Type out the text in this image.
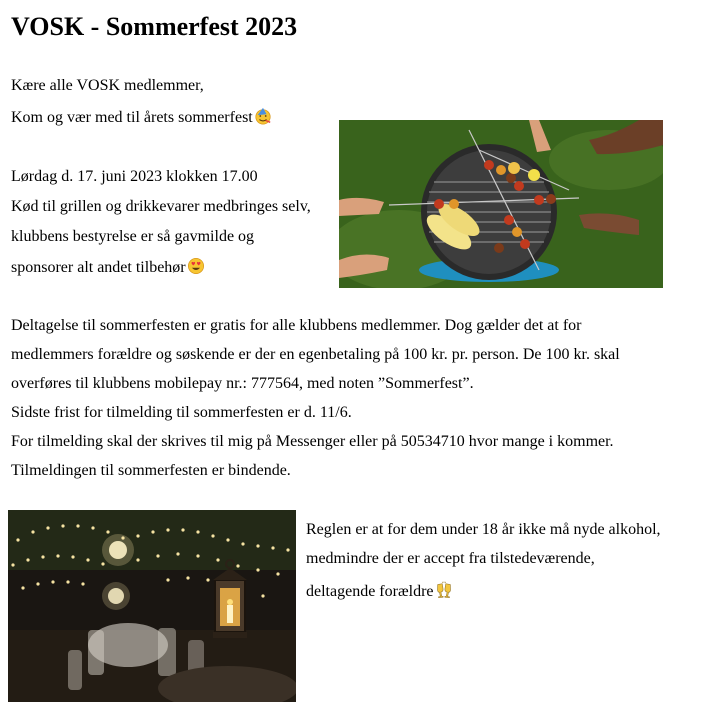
VOSK - Sommerfest 2023
Kære alle VOSK medlemmer,
Kom og vær med til årets sommerfest
Lørdag d. 17. juni 2023 klokken 17.00
Kød til grillen og drikkevarer medbringes selv,
klubbens bestyrelse er så gavmilde og
sponsorer alt andet tilbehør
Deltagelse til sommerfesten er gratis for alle klubbens medlemmer. Dog gælder det at for
medlemmers forældre og søskende er der en egenbetaling på 100 kr. pr. person. De 100 kr. skal
overføres til klubbens mobilepay nr.: 777564, med noten ”Sommerfest”.
Sidste frist for tilmelding til sommerfesten er d. 11/6.
For tilmelding skal der skrives til mig på Messenger eller på 50534710 hvor mange i kommer.
Tilmeldingen til sommerfesten er bindende.
Reglen er at for dem under 18 år ikke må nyde alkohol,
medmindre der er accept fra tilstedeværende,
deltagende forældre
